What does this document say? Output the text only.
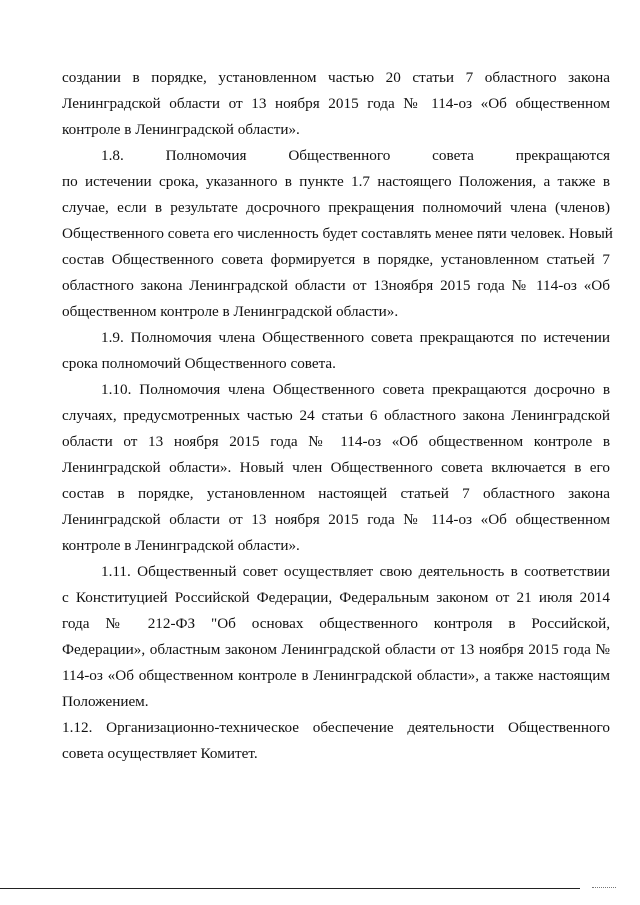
создании в порядке, установленном частью 20 статьи 7 областного закона
Ленинградской области от 13 ноября 2015 года № 114-оз «Об общественном
контроле в Ленинградской области».
1.8. Полномочия Общественного совета прекращаются
по истечении срока, указанного в пункте 1.7 настоящего Положения, а также в
случае, если в результате досрочного прекращения полномочий члена (членов)
Общественного совета его численность будет составлять менее пяти человек. Новый
состав Общественного совета формируется в порядке, установленном статьей 7
областного закона Ленинградской области от 13ноября 2015 года № 114-оз «Об
общественном контроле в Ленинградской области».
1.9. Полномочия члена Общественного совета прекращаются по истечении
срока полномочий Общественного совета.
1.10. Полномочия члена Общественного совета прекращаются досрочно в
случаях, предусмотренных частью 24 статьи 6 областного закона Ленинградской
области от 13 ноября 2015 года № 114-оз «Об общественном контроле в
Ленинградской области». Новый член Общественного совета включается в его
состав в порядке, установленном настоящей статьей 7 областного закона
Ленинградской области от 13 ноября 2015 года № 114-оз «Об общественном
контроле в Ленинградской области».
1.11. Общественный совет осуществляет свою деятельность в соответствии
с Конституцией Российской Федерации, Федеральным законом от 21 июля 2014
года № 212-ФЗ "Об основах общественного контроля в Российской,
Федерации», областным законом Ленинградской области от 13 ноября 2015 года №
114-оз «Об общественном контроле в Ленинградской области», а также настоящим
Положением.
1.12. Организационно-техническое обеспечение деятельности Общественного
совета осуществляет Комитет.
